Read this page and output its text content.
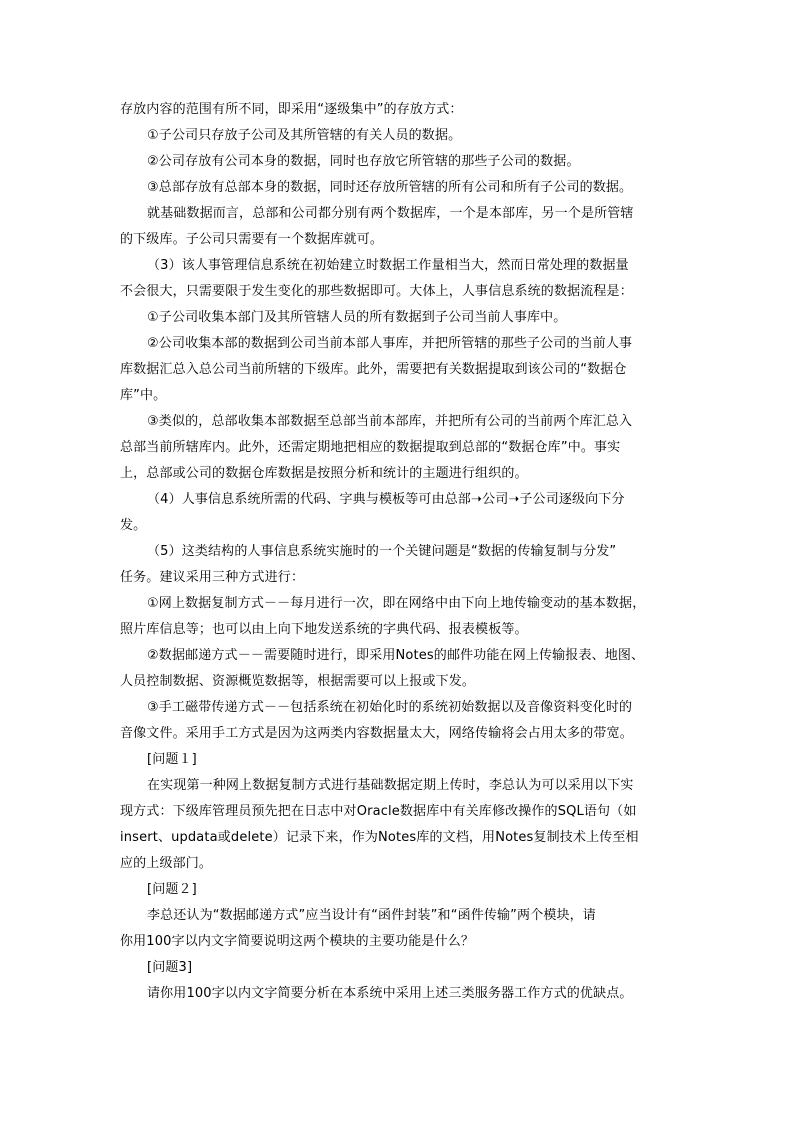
存放内容的范围有所不同，即采用“逐级集中”的存放方式：
①子公司只存放子公司及其所管辖的有关人员的数据。
②公司存放有公司本身的数据，同时也存放它所管辖的那些子公司的数据。
③总部存放有总部本身的数据，同时还存放所管辖的所有公司和所有子公司的数据。
就基础数据而言，总部和公司都分别有两个数据库，一个是本部库，另一个是所管辖
的下级库。子公司只需要有一个数据库就可。
（3）该人事管理信息系统在初始建立时数据工作量相当大，然而日常处理的数据量
不会很大，只需要限于发生变化的那些数据即可。大体上，人事信息系统的数据流程是：
①子公司收集本部门及其所管辖人员的所有数据到子公司当前人事库中。
②公司收集本部的数据到公司当前本部人事库，并把所管辖的那些子公司的当前人事
库数据汇总入总公司当前所辖的下级库。此外，需要把有关数据提取到该公司的“数据仓
库”中。
③类似的，总部收集本部数据至总部当前本部库，并把所有公司的当前两个库汇总入
总部当前所辖库内。此外，还需定期地把相应的数据提取到总部的“数据仓库”中。事实
上，总部或公司的数据仓库数据是按照分析和统计的主题进行组织的。
（4）人事信息系统所需的代码、字典与模板等可由总部➝公司➝子公司逐级向下分
发。
（5）这类结构的人事信息系统实施时的一个关键问题是“数据的传输复制与分发”
任务。建议采用三种方式进行：
①网上数据复制方式－－每月进行一次，即在网络中由下向上地传输变动的基本数据，
照片库信息等；也可以由上向下地发送系统的字典代码、报表模板等。
②数据邮递方式－－需要随时进行，即采用Notes的邮件功能在网上传输报表、地图、
人员控制数据、资源概览数据等，根据需要可以上报或下发。
③手工磁带传递方式－－包括系统在初始化时的系统初始数据以及音像资料变化时的
音像文件。采用手工方式是因为这两类内容数据量太大，网络传输将会占用太多的带宽。
[问题１]
在实现第一种网上数据复制方式进行基础数据定期上传时，李总认为可以采用以下实
现方式：下级库管理员预先把在日志中对Oracle数据库中有关库修改操作的SQL语句（如
insert、updata或delete）记录下来，作为Notes库的文档，用Notes复制技术上传至相
应的上级部门。
[问题２]
李总还认为“数据邮递方式”应当设计有“函件封装”和“函件传输”两个模块，请
你用100字以内文字简要说明这两个模块的主要功能是什么？
[问题3]
请你用100字以内文字简要分析在本系统中采用上述三类服务器工作方式的优缺点。
